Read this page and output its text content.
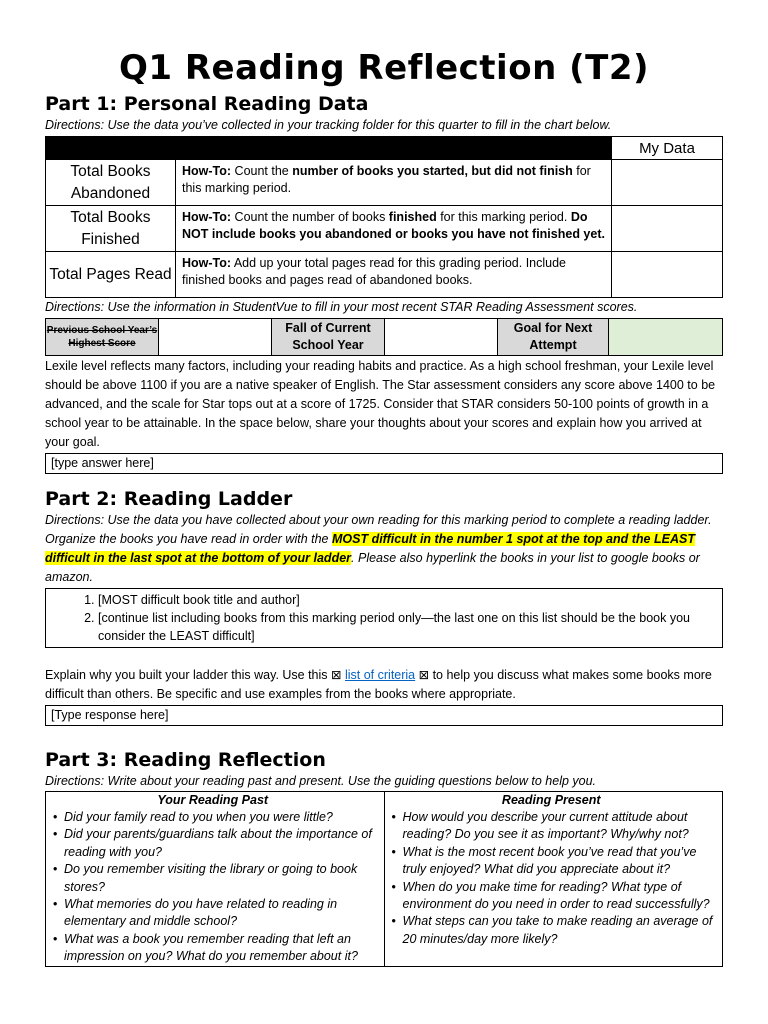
Q1 Reading Reflection (T2)
Part 1: Personal Reading Data

Directions: Use the data you’ve collected in your tracking folder for this quarter to fill in the chart below.

		My Data
Total Books Abandoned	How-To: Count the number of books you started, but did not finish for this marking period.	
Total Books Finished	How-To: Count the number of books finished for this marking period. Do NOT include books you abandoned or books you have not finished yet.	
Total Pages Read	How-To: Add up your total pages read for this grading period. Include finished books and pages read of abandoned books.	

Directions: Use the information in StudentVue to fill in your most recent STAR Reading Assessment scores.

Previous School Year’s Highest Score		Fall of Current School Year		Goal for Next Attempt	

Lexile level reflects many factors, including your reading habits and practice. As a high school freshman, your Lexile level should be above 1100 if you are a native speaker of English. The Star assessment considers any score above 1400 to be advanced, and the scale for Star tops out at a score of 1725. Consider that STAR considers 50-100 points of growth in a school year to be attainable. In the space below, share your thoughts about your scores and explain how you arrived at your goal.

[type answer here]
Part 2: Reading Ladder

Directions: Use the data you have collected about your own reading for this marking period to complete a reading ladder. Organize the books you have read in order with the MOST difficult in the number 1 spot at the top and the LEAST difficult in the last spot at the bottom of your ladder. Please also hyperlink the books in your list to google books or amazon.

1. [MOST difficult book title and author]
2. [continue list including books from this marking period only—the last one on this list should be the book you consider the LEAST difficult]

Explain why you built your ladder this way. Use this ⊠ list of criteria ⊠ to help you discuss what makes some books more difficult than others. Be specific and use examples from the books where appropriate.

[Type response here]
Part 3: Reading Reflection

Directions: Write about your reading past and present. Use the guiding questions below to help you.

Your Reading Past
• Did your family read to you when you were little?
• Did your parents/guardians talk about the importance of reading with you?
• Do you remember visiting the library or going to book stores?
• What memories do you have related to reading in elementary and middle school?
• What was a book you remember reading that left an impression on you? What do you remember about it?

Reading Present
• How would you describe your current attitude about reading? Do you see it as important? Why/why not?
• What is the most recent book you’ve read that you’ve truly enjoyed? What did you appreciate about it?
• When do you make time for reading? What type of environment do you need in order to read successfully?
• What steps can you take to make reading an average of 20 minutes/day more likely?
